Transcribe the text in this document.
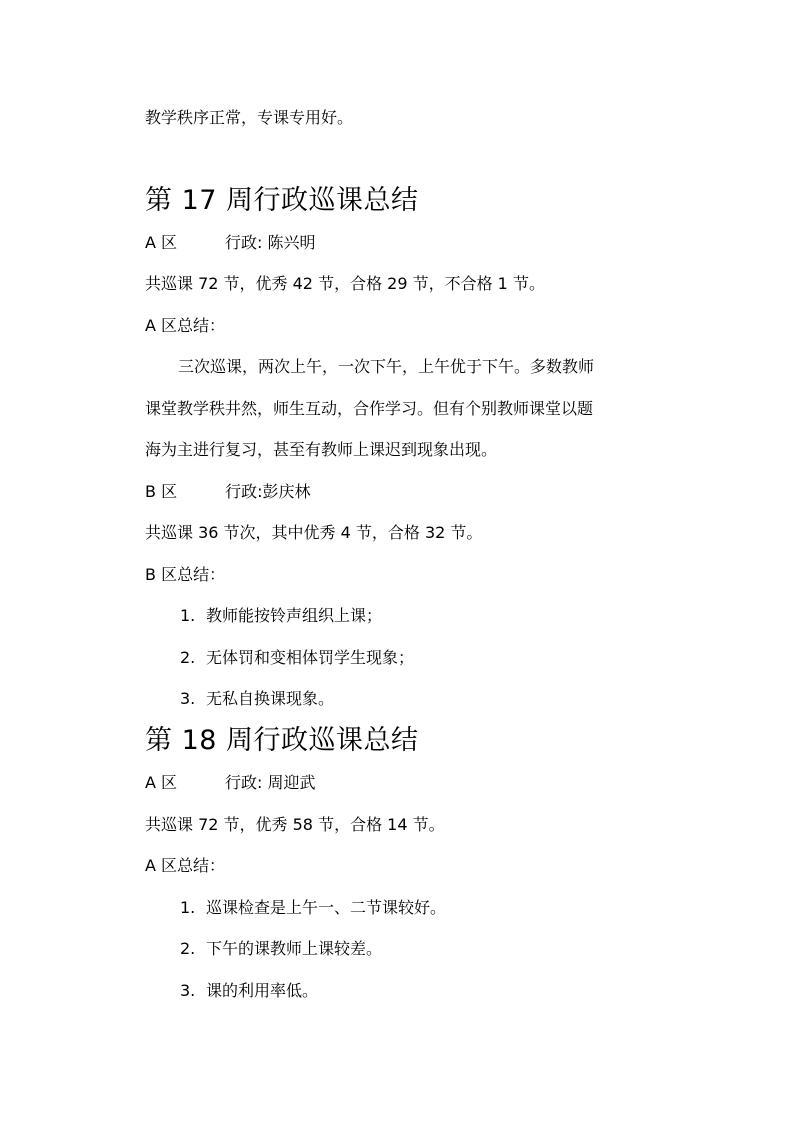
教学秩序正常，专课专用好。
第 17 周行政巡课总结
A 区	行政: 陈兴明
共巡课 72 节，优秀 42 节，合格 29 节，不合格 1 节。
A 区总结：
三次巡课，两次上午，一次下午，上午优于下午。多数教师
课堂教学秩井然，师生互动，合作学习。但有个别教师课堂以题
海为主进行复习，甚至有教师上课迟到现象出现。
B 区	行政:彭庆林
共巡课 36 节次，其中优秀 4 节，合格 32 节。
B 区总结：
1. 教师能按铃声组织上课；
2. 无体罚和变相体罚学生现象；
3. 无私自换课现象。
第 18 周行政巡课总结
A 区	行政: 周迎武
共巡课 72 节，优秀 58 节，合格 14 节。
A 区总结：
1. 巡课检查是上午一、二节课较好。
2. 下午的课教师上课较差。
3. 课的利用率低。
